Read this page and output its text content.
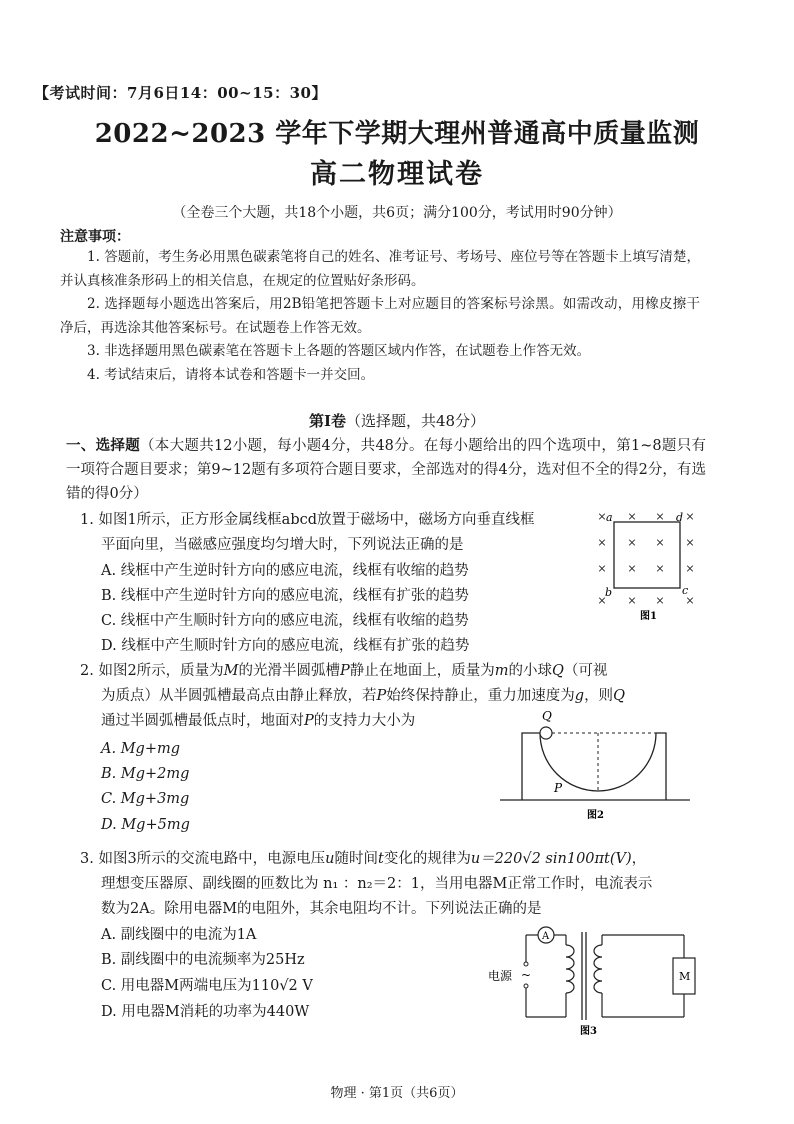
【考试时间：7月6日14：00~15：30】
2022~2023 学年下学期大理州普通高中质量监测
高二物理试卷
（全卷三个大题，共18个小题，共6页；满分100分，考试用时90分钟）
注意事项：

1. 答题前，考生务必用黑色碳素笔将自己的姓名、准考证号、考场号、座位号等在答题卡上填写清楚，并认真核准条形码上的相关信息，在规定的位置贴好条形码。

2. 选择题每小题选出答案后，用2B铅笔把答题卡上对应题目的答案标号涂黑。如需改动，用橡皮擦干净后，再选涂其他答案标号。在试题卷上作答无效。

3. 非选择题用黑色碳素笔在答题卡上各题的答题区域内作答，在试题卷上作答无效。

4. 考试结束后，请将本试卷和答题卡一并交回。

第Ⅰ卷（选择题，共48分）
一、选择题（本大题共12小题，每小题4分，共48分。在每小题给出的四个选项中，第1~8题只有一项符合题目要求；第9~12题有多项符合题目要求，全部选对的得4分，选对但不全的得2分，有选错的得0分）
1. 如图1所示，正方形金属线框abcd放置于磁场中，磁场方向垂直线框
平面向里，当磁感应强度均匀增大时，下列说法正确的是
A. 线框中产生逆时针方向的感应电流，线框有收缩的趋势
B. 线框中产生逆时针方向的感应电流，线框有扩张的趋势
C. 线框中产生顺时针方向的感应电流，线框有收缩的趋势
D. 线框中产生顺时针方向的感应电流，线框有扩张的趋势
× × × ×
× × × ×
× × × ×
× × × ×
a
b	c
d
图1
2. 如图2所示，质量为M的光滑半圆弧槽P静止在地面上，质量为m的小球Q（可视
为质点）从半圆弧槽最高点由静止释放，若P始终保持静止，重力加速度为g，则Q
通过半圆弧槽最低点时，地面对P的支持力大小为
A. Mg+mg
B. Mg+2mg
C. Mg+3mg
D. Mg+5mg
Q
P
图2
3. 如图3所示的交流电路中，电源电压u随时间t变化的规律为u＝220√2 sin100πt(V)，
理想变压器原、副线圈的匝数比为 n₁ ：n₂＝2：1，当用电器M正常工作时，电流表示
数为2A。除用电器M的电阻外，其余电阻均不计。下列说法正确的是
A. 副线圈中的电流为1A
B. 副线圈中的电流频率为25Hz
C. 用电器M两端电压为110√2 V
D. 用电器M消耗的功率为440W
A
电源 ~	M
图3
物理 · 第1页（共6页）
